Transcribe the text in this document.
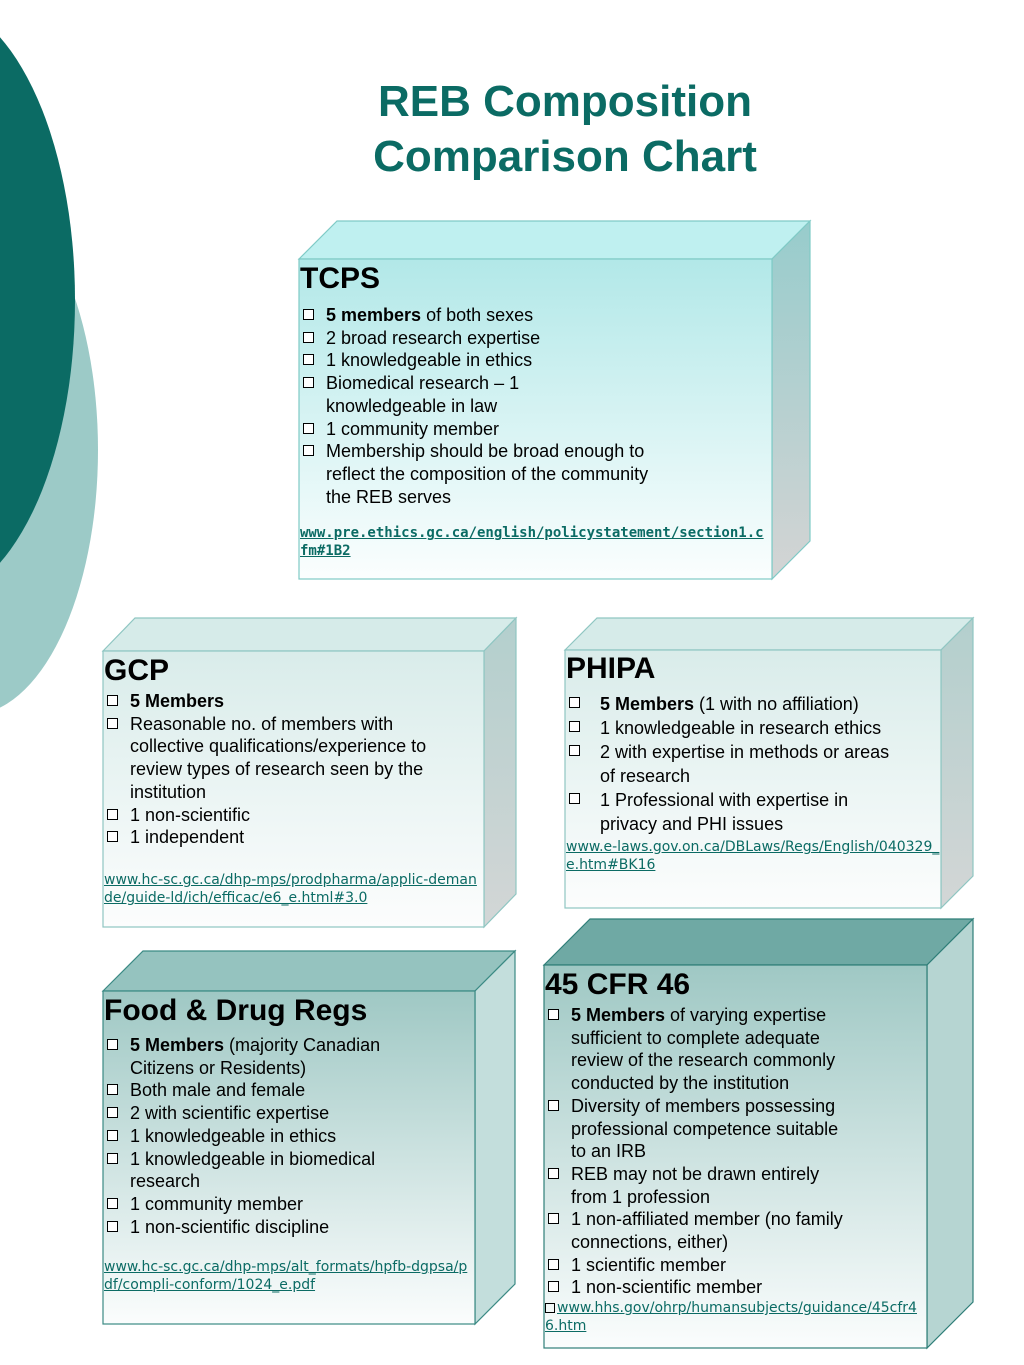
REB Composition
Comparison Chart
TCPS
5 members of both sexes
2 broad research expertise
1 knowledgeable in ethics
Biomedical research – 1 knowledgeable in law
1 community member
Membership should be broad enough to reflect the composition of the community the REB serves
www.pre.ethics.gc.ca/english/policystatement/section1.cfm#1B2
GCP
5 Members
Reasonable no. of members with collective qualifications/experience to review types of research seen by the institution
1 non-scientific
1 independent
www.hc-sc.gc.ca/dhp-mps/prodpharma/applic-demande/guide-ld/ich/efficac/e6_e.html#3.0
PHIPA
5 Members (1 with no affiliation)
1 knowledgeable in research ethics
2 with expertise in methods or areas of research
1 Professional with expertise in privacy and PHI issues
www.e-laws.gov.on.ca/DBLaws/Regs/English/040329_e.htm#BK16
Food & Drug Regs
5 Members (majority Canadian Citizens or Residents)
Both male and female
2 with scientific expertise
1 knowledgeable in ethics
1 knowledgeable in biomedical research
1 community member
1 non-scientific discipline
www.hc-sc.gc.ca/dhp-mps/alt_formats/hpfb-dgpsa/pdf/compli-conform/1024_e.pdf
45 CFR 46
5 Members of varying expertise sufficient to complete adequate review of the research commonly conducted by the institution
Diversity of members possessing professional competence suitable to an IRB
REB may not be drawn entirely from 1 profession
1 non-affiliated member (no family connections, either)
1 scientific member
1 non-scientific member
www.hhs.gov/ohrp/humansubjects/guidance/45cfr46.htm
